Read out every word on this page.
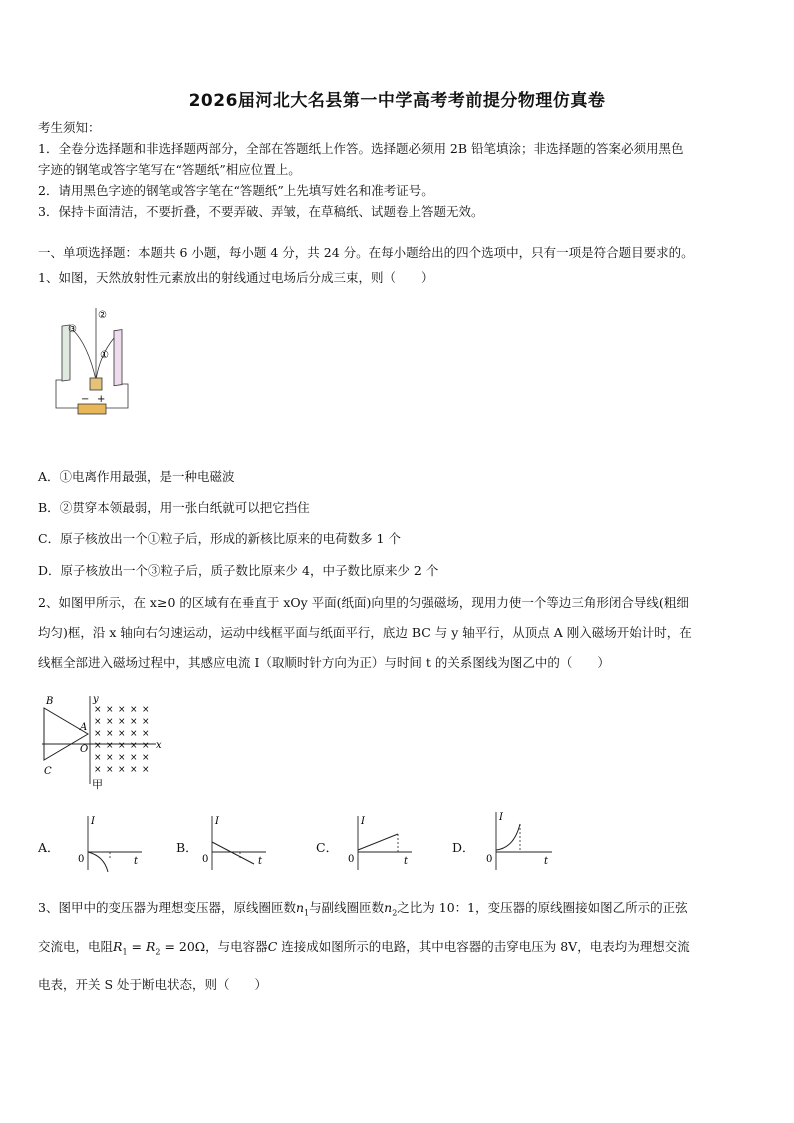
2026届河北大名县第一中学高考考前提分物理仿真卷
考生须知：
1．全卷分选择题和非选择题两部分，全部在答题纸上作答。选择题必须用 2B 铅笔填涂；非选择题的答案必须用黑色
字迹的钢笔或答字笔写在“答题纸”相应位置上。
2．请用黑色字迹的钢笔或答字笔在“答题纸”上先填写姓名和准考证号。
3．保持卡面清洁，不要折叠，不要弄破、弄皱，在草稿纸、试题卷上答题无效。
一、单项选择题：本题共 6 小题，每小题 4 分，共 24 分。在每小题给出的四个选项中，只有一项是符合题目要求的。
1、如图，天然放射性元素放出的射线通过电场后分成三束，则（　　）
②
③
①
− +
A．①电离作用最强，是一种电磁波
B．②贯穿本领最弱，用一张白纸就可以把它挡住
C．原子核放出一个①粒子后，形成的新核比原来的电荷数多 1 个
D．原子核放出一个③粒子后，质子数比原来少 4，中子数比原来少 2 个
2、如图甲所示，在 x≥0 的区域有在垂直于 xOy 平面(纸面)向里的匀强磁场，现用力使一个等边三角形闭合导线(粗细
均匀)框，沿 x 轴向右匀速运动，运动中线框平面与纸面平行，底边 BC 与 y 轴平行，从顶点 A 刚入磁场开始计时，在
线框全部进入磁场过程中，其感应电流 I（取顺时针方向为正）与时间 t 的关系图线为图乙中的（　　）
B
C
A
O	x
y
× × × × ×
× × × × ×
× × × × ×
× × × × ×
× × × × ×
× × × × ×
甲
A．
I
t
0
B．
I
t
0
C．
I
t
0
D．
I
t
0
3、图甲中的变压器为理想变压器，原线圈匝数$n_1$与副线圈匝数$n_2$之比为 10：1，变压器的原线圈接如图乙所示的正弦
交流电，电阻$R_1 = R_2 = 20\Omega$，与电容器C 连接成如图所示的电路，其中电容器的击穿电压为 8V，电表均为理想交流
电表，开关 S 处于断电状态，则（　　）
